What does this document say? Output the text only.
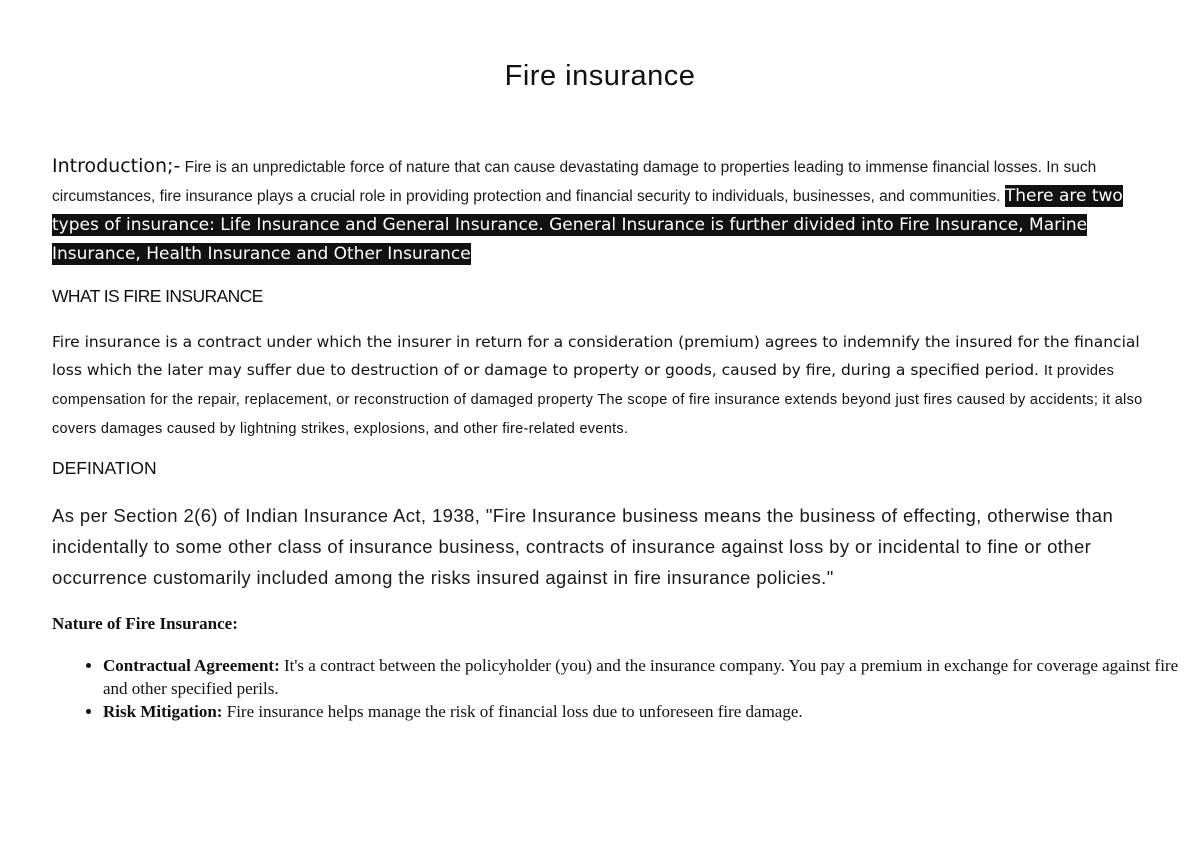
Fire insurance
Introduction;- Fire is an unpredictable force of nature that can cause devastating damage to properties leading to immense financial losses. In such circumstances, fire insurance plays a crucial role in providing protection and financial security to individuals, businesses, and communities. There are two types of insurance: Life Insurance and General Insurance. General Insurance is further divided into Fire Insurance, Marine Insurance, Health Insurance and Other Insurance
WHAT IS FIRE INSURANCE
Fire insurance is a contract under which the insurer in return for a consideration (premium) agrees to indemnify the insured for the financial loss which the later may suffer due to destruction of or damage to property or goods, caused by fire, during a specified period. It provides compensation for the repair, replacement, or reconstruction of damaged property The scope of fire insurance extends beyond just fires caused by accidents; it also covers damages caused by lightning strikes, explosions, and other fire-related events.
DEFINATION
As per Section 2(6) of Indian Insurance Act, 1938, "Fire Insurance business means the business of effecting, otherwise than incidentally to some other class of insurance business, contracts of insurance against loss by or incidental to fine or other occurrence customarily included among the risks insured against in fire insurance policies."
Nature of Fire Insurance:
• Contractual Agreement: It's a contract between the policyholder (you) and the insurance company. You pay a premium in exchange for coverage against fire and other specified perils.
• Risk Mitigation: Fire insurance helps manage the risk of financial loss due to unforeseen fire damage.
